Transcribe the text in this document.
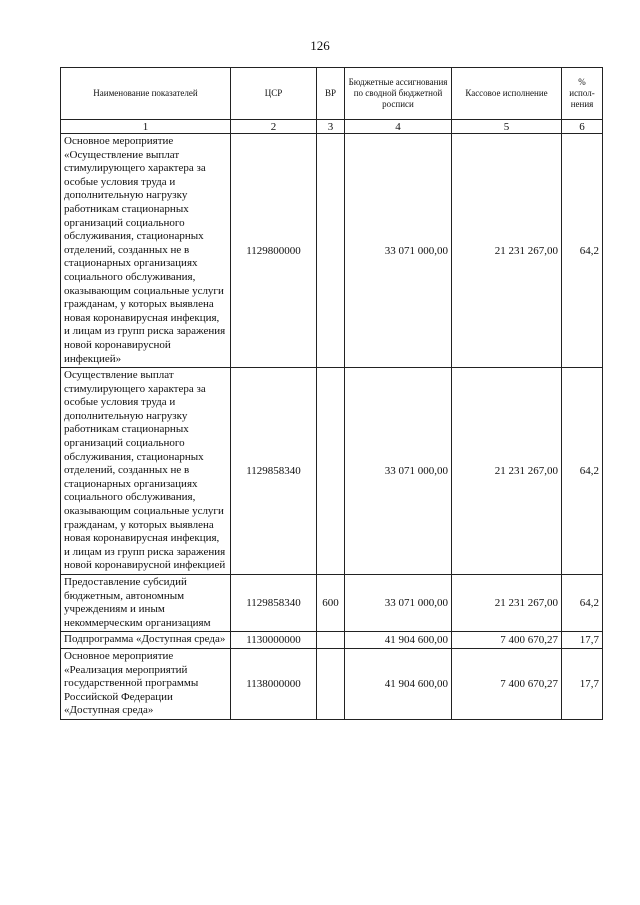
126
Наименование показателей	ЦСР	ВР	Бюджетные ассигнования по сводной бюджетной росписи	Кассовое исполнение	% испол-нения
1	2	3	4	5	6
Основное мероприятие «Осуществление выплат стимулирующего характера за особые условия труда и дополнительную нагрузку работникам стационарных организаций социального обслуживания, стационарных отделений, созданных не в стационарных организациях социального обслуживания, оказывающим социальные услуги гражданам, у которых выявлена новая коронавирусная инфекция, и лицам из групп риска заражения новой коронавирусной инфекцией»	1129800000		33 071 000,00	21 231 267,00	64,2
Осуществление выплат стимулирующего характера за особые условия труда и дополнительную нагрузку работникам стационарных организаций социального обслуживания, стационарных отделений, созданных не в стационарных организациях социального обслуживания, оказывающим социальные услуги гражданам, у которых выявлена новая коронавирусная инфекция, и лицам из групп риска заражения новой коронавирусной инфекцией	1129858340		33 071 000,00	21 231 267,00	64,2
Предоставление субсидий бюджетным, автономным учреждениям и иным некоммерческим организациям	1129858340	600	33 071 000,00	21 231 267,00	64,2
Подпрограмма «Доступная среда»	1130000000		41 904 600,00	7 400 670,27	17,7
Основное мероприятие «Реализация мероприятий государственной программы Российской Федерации «Доступная среда»	1138000000		41 904 600,00	7 400 670,27	17,7
